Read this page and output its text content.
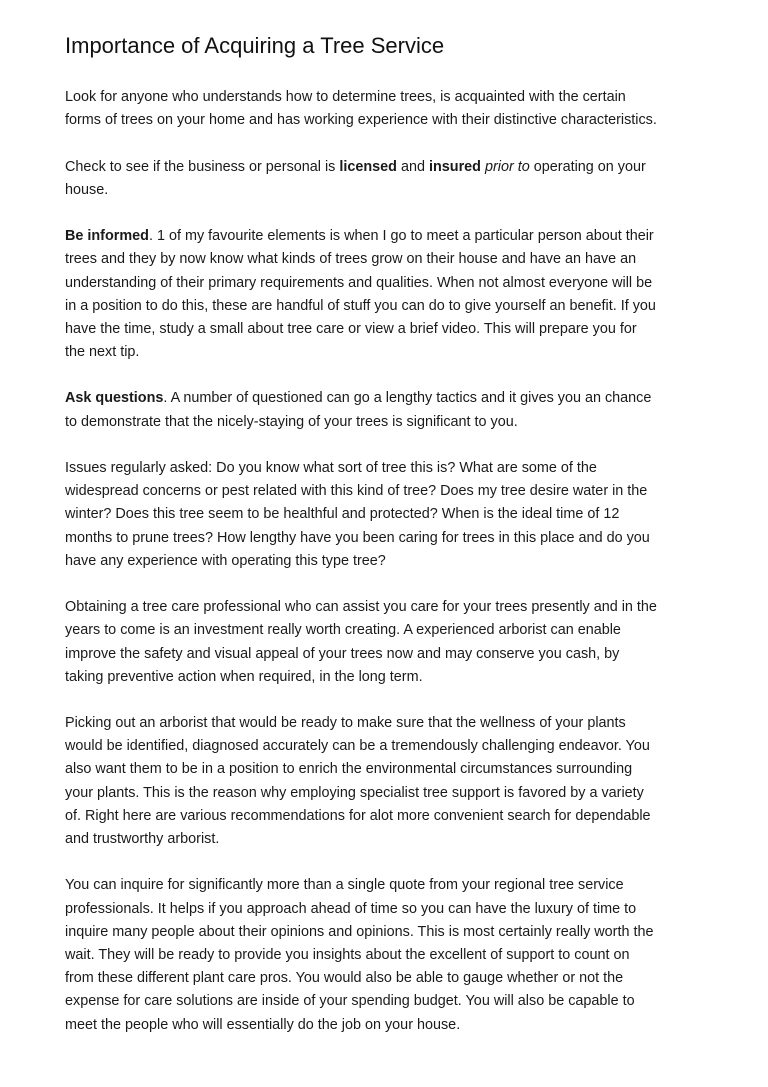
Importance of Acquiring a Tree Service
Look for anyone who understands how to determine trees, is acquainted with the certain
forms of trees on your home and has working experience with their distinctive characteristics.
Check to see if the business or personal is licensed and insured prior to operating on your
house.
Be informed. 1 of my favourite elements is when I go to meet a particular person about their
trees and they by now know what kinds of trees grow on their house and have an have an
understanding of their primary requirements and qualities. When not almost everyone will be
in a position to do this, these are handful of stuff you can do to give yourself an benefit. If you
have the time, study a small about tree care or view a brief video. This will prepare you for
the next tip.
Ask questions. A number of questioned can go a lengthy tactics and it gives you an chance
to demonstrate that the nicely-staying of your trees is significant to you.
Issues regularly asked: Do you know what sort of tree this is? What are some of the
widespread concerns or pest related with this kind of tree? Does my tree desire water in the
winter? Does this tree seem to be healthful and protected? When is the ideal time of 12
months to prune trees? How lengthy have you been caring for trees in this place and do you
have any experience with operating this type tree?
Obtaining a tree care professional who can assist you care for your trees presently and in the
years to come is an investment really worth creating. A experienced arborist can enable
improve the safety and visual appeal of your trees now and may conserve you cash, by
taking preventive action when required, in the long term.
Picking out an arborist that would be ready to make sure that the wellness of your plants
would be identified, diagnosed accurately can be a tremendously challenging endeavor. You
also want them to be in a position to enrich the environmental circumstances surrounding
your plants. This is the reason why employing specialist tree support is favored by a variety
of. Right here are various recommendations for alot more convenient search for dependable
and trustworthy arborist.
You can inquire for significantly more than a single quote from your regional tree service
professionals. It helps if you approach ahead of time so you can have the luxury of time to
inquire many people about their opinions and opinions. This is most certainly really worth the
wait. They will be ready to provide you insights about the excellent of support to count on
from these different plant care pros. You would also be able to gauge whether or not the
expense for care solutions are inside of your spending budget. You will also be capable to
meet the people who will essentially do the job on your house.
